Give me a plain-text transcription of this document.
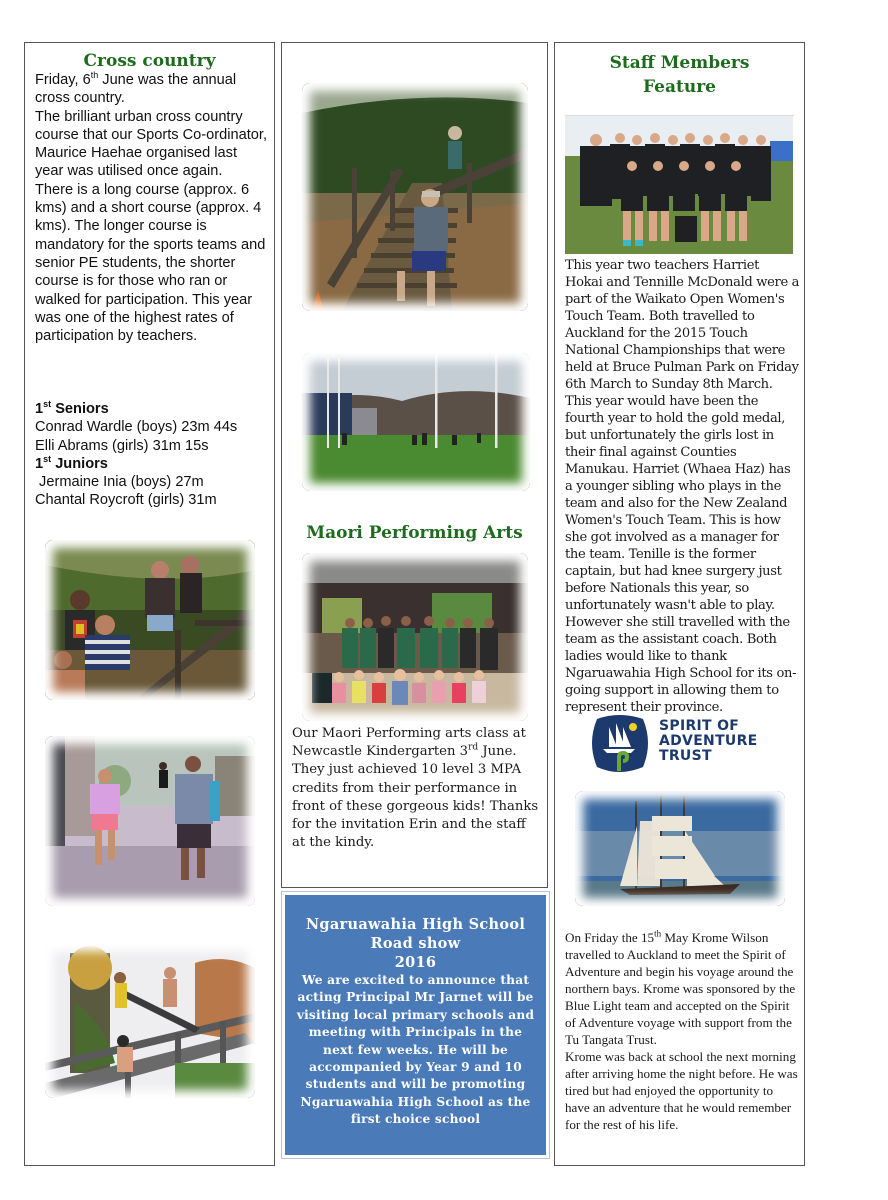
Cross country

Friday, 6th June was the annual cross country.

The brilliant urban cross country course that our Sports Co-ordinator, Maurice Haehae organised last year was utilised once again.

There is a long course (approx. 6 kms) and a short course (approx. 4 kms). The longer course is mandatory for the sports teams and senior PE students, the shorter course is for those who ran or walked for participation. This year was one of the highest rates of participation by teachers.

1st Seniors
Conrad Wardle (boys) 23m 44s
Elli Abrams (girls) 31m 15s
1st Juniors
Jermaine Inia (boys) 27m
Chantal Roycroft (girls) 31m
Maori Performing Arts
Our Maori Performing arts class at Newcastle Kindergarten 3rd June. They just achieved 10 level 3 MPA credits from their performance in front of these gorgeous kids! Thanks for the invitation Erin and the staff at the kindy.
Ngaruawahia High School
Road show
2016
We are excited to announce that acting Principal Mr Jarnet will be visiting local primary schools and meeting with Principals in the next few weeks. He will be accompanied by Year 9 and 10 students and will be promoting Ngaruawahia High School as the first choice school
Staff Members
Feature
This year two teachers Harriet Hokai and Tennille McDonald were a part of the Waikato Open Women's Touch Team. Both travelled to Auckland for the 2015 Touch National Championships that were held at Bruce Pulman Park on Friday 6th March to Sunday 8th March. This year would have been the fourth year to hold the gold medal, but unfortunately the girls lost in their final against Counties Manukau. Harriet (Whaea Haz) has a younger sibling who plays in the team and also for the New Zealand Women's Touch Team. This is how she got involved as a manager for the team. Tenille is the former captain, but had knee surgery just before Nationals this year, so unfortunately wasn't able to play. However she still travelled with the team as the assistant coach. Both ladies would like to thank Ngaruawahia High School for its on-going support in allowing them to represent their province.
SPIRIT OF
ADVENTURE
TRUST
On Friday the 15th May Krome Wilson travelled to Auckland to meet the Spirit of Adventure and begin his voyage around the northern bays. Krome was sponsored by the Blue Light team and accepted on the Spirit of Adventure voyage with support from the Tu Tangata Trust.
Krome was back at school the next morning after arriving home the night before. He was tired but had enjoyed the opportunity to have an adventure that he would remember for the rest of his life.
